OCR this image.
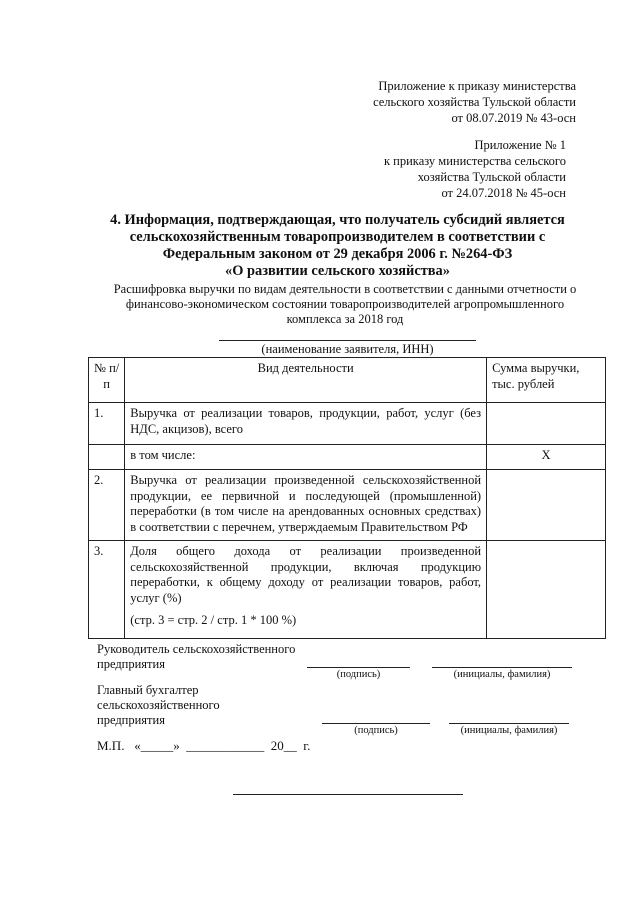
Приложение к приказу министерства
сельского хозяйства Тульской области
от 08.07.2019 № 43-осн
Приложение № 1
к приказу министерства сельского
хозяйства Тульской области
от 24.07.2018 № 45-осн
4. Информация, подтверждающая, что получатель субсидий является
сельскохозяйственным товаропроизводителем в соответствии с
Федеральным законом от 29 декабря 2006 г. №264-ФЗ
«О развитии сельского хозяйства»
Расшифровка выручки по видам деятельности в соответствии с данными отчетности о
финансово-экономическом состоянии товаропроизводителей агропромышленного
комплекса за 2018 год
(наименование заявителя, ИНН)
№ п/п	Вид деятельности	Сумма выручки, тыс. рублей
1.	Выручка от реализации товаров, продукции, работ, услуг (без НДС, акцизов), всего	
	в том числе:	X
2.	Выручка от реализации произведенной сельскохозяйственной продукции, ее первичной и последующей (промышленной) переработки (в том числе на арендованных основных средствах) в соответствии с перечнем, утверждаемым Правительством РФ	
3.	Доля общего дохода от реализации произведенной сельскохозяйственной продукции, включая продукцию переработки, к общему доходу от реализации товаров, работ, услуг (%)
(стр. 3 = стр. 2 / стр. 1 * 100 %)	

Руководитель сельскохозяйственного
предприятия
(подпись)	(инициалы, фамилия)
Главный бухгалтер
сельскохозяйственного
предприятия
(подпись)	(инициалы, фамилия)
М.П.   «_____»  ____________  20__  г.
